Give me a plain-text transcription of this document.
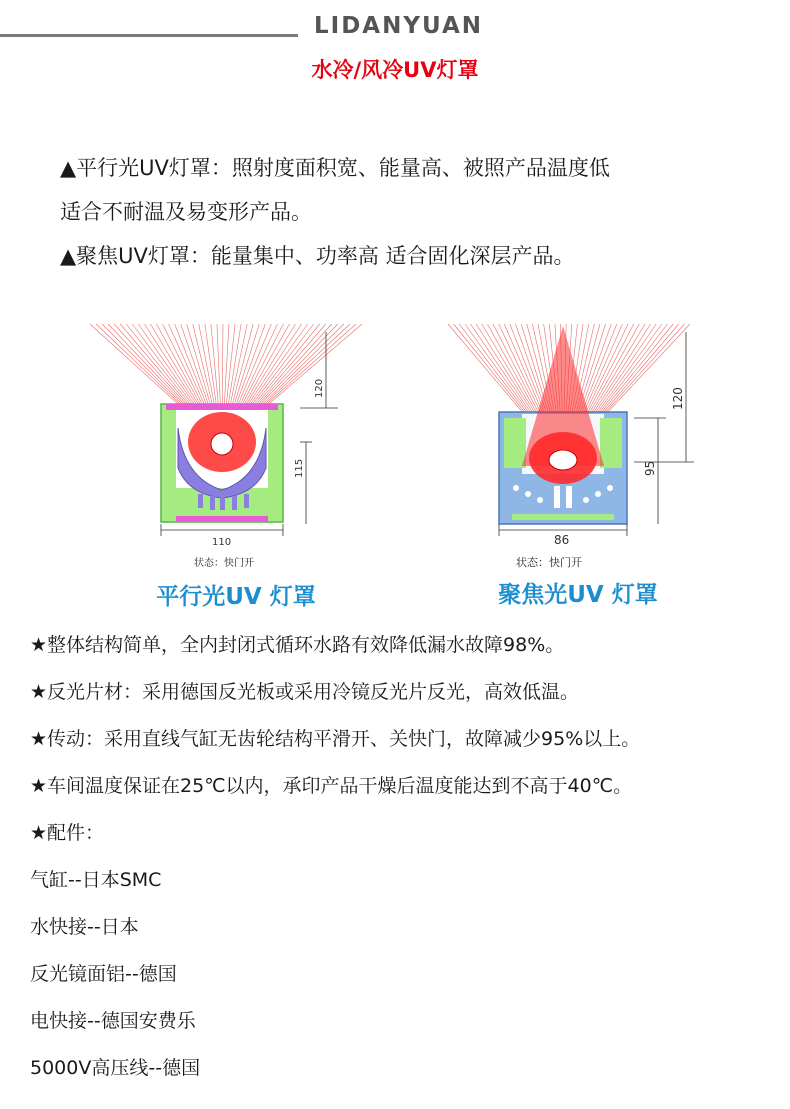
LIDANYUAN
水冷/风冷UV灯罩

▲平行光UV灯罩：照射度面积宽、能量高、被照产品温度低

适合不耐温及易变形产品。

▲聚焦UV灯罩：能量集中、功率高 适合固化深层产品。

120
115
110
状态：快门开
平行光UV 灯罩
120
95
86
状态：快门开
聚焦光UV 灯罩
★整体结构简单，全内封闭式循环水路有效降低漏水故障98%。
★反光片材：采用德国反光板或采用冷镜反光片反光，高效低温。
★传动：采用直线气缸无齿轮结构平滑开、关快门，故障减少95%以上。
★车间温度保证在25℃以内，承印产品干燥后温度能达到不高于40℃。
★配件：
气缸--日本SMC
水快接--日本
反光镜面铝--德国
电快接--德国安费乐
5000V高压线--德国
